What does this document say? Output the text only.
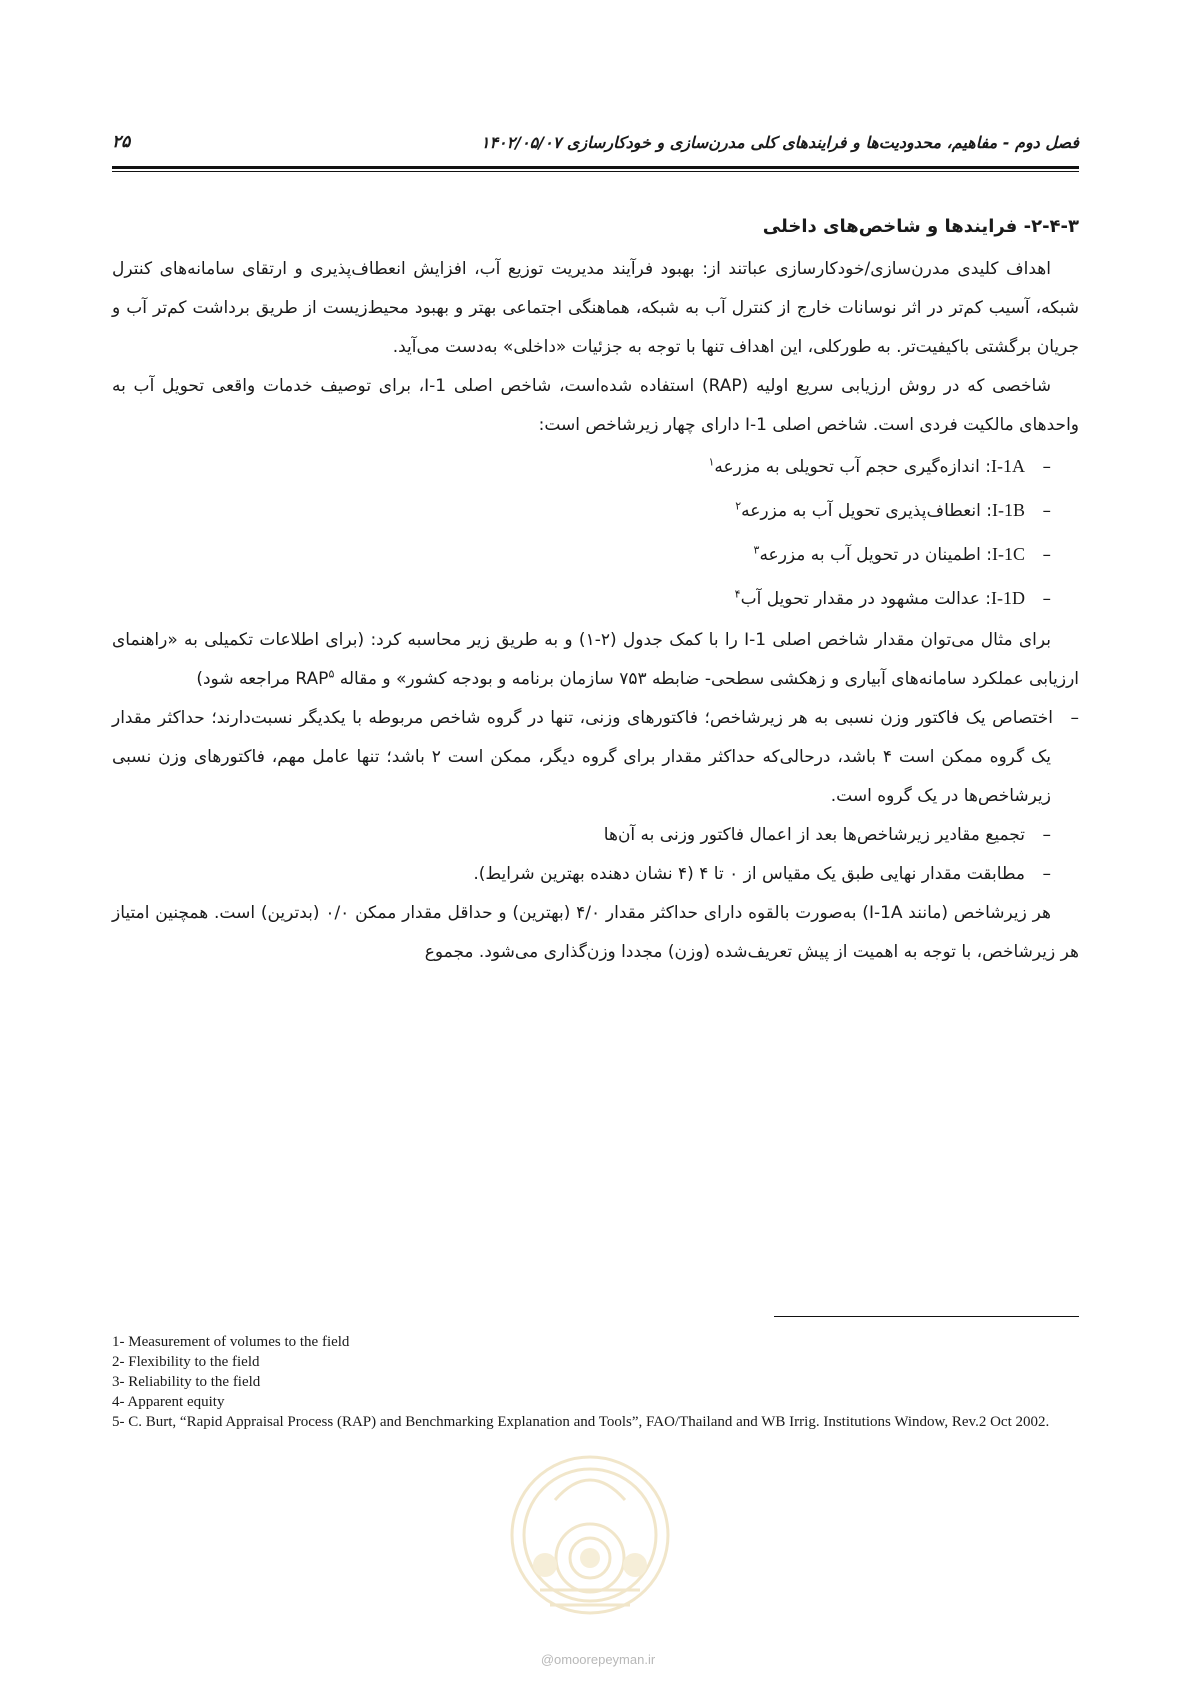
۲۵	فصل دوم - مفاهیم، محدودیت‌ها و فرایندهای کلی مدرن‌سازی و خودکارسازی ۱۴۰۲/۰۵/۰۷
۲-۴-۳- فرایندها و شاخص‌های داخلی

اهداف کلیدی مدرن‌سازی/خودکارسازی عباتند از: بهبود فرآیند مدیریت توزیع آب، افزایش انعطاف‌پذیری و ارتقای سامانه‌های کنترل شبکه، آسیب کم‌تر در اثر نوسانات خارج از کنترل آب به شبکه، هماهنگی اجتماعی بهتر و بهبود محیط‌زیست از طریق برداشت کم‌تر آب و جریان برگشتی باکیفیت‌تر. به طورکلی، این اهداف تنها با توجه به جزئیات «داخلی» به‌دست می‌آید.

شاخصی که در روش ارزیابی سریع اولیه (RAP) استفاده شده‌است، شاخص اصلی I-1، برای توصیف خدمات واقعی تحویل آب به واحدهای مالکیت فردی است. شاخص اصلی I-1 دارای چهار زیرشاخص است:

–I-1A: اندازه‌گیری حجم آب تحویلی به مزرعه$^۱$
–I-1B: انعطاف‌پذیری تحویل آب به مزرعه$^۲$
–I-1C: اطمینان در تحویل آب به مزرعه$^۳$
–I-1D: عدالت مشهود در مقدار تحویل آب$^۴$

برای مثال می‌توان مقدار شاخص اصلی I-1 را با کمک جدول (۲-۱) و به طریق زیر محاسبه کرد: (برای اطلاعات تکمیلی به «راهنمای ارزیابی عملکرد سامانه‌های آبیاری و زهکشی سطحی- ضابطه ۷۵۳ سازمان برنامه و بودجه کشور» و مقاله RAP$^۵$ مراجعه شود)

–اختصاص یک فاکتور وزن نسبی به هر زیرشاخص؛ فاکتورهای وزنی، تنها در گروه شاخص مربوطه با یکدیگر نسبت‌دارند؛ حداکثر مقدار یک گروه ممکن است ۴ باشد، درحالی‌که حداکثر مقدار برای گروه دیگر، ممکن است ۲ باشد؛ تنها عامل مهم، فاکتورهای وزن نسبی زیرشاخص‌ها در یک گروه است.
–تجمیع مقادیر زیرشاخص‌ها بعد از اعمال فاکتور وزنی به آن‌ها
–مطابقت مقدار نهایی طبق یک مقیاس از ۰ تا ۴ (۴ نشان دهنده بهترین شرایط).

هر زیرشاخص (مانند I-1A) به‌صورت بالقوه دارای حداکثر مقدار ۴/۰ (بهترین) و حداقل مقدار ممکن ۰/۰ (بدترین) است. همچنین امتیاز هر زیرشاخص، با توجه به اهمیت از پیش تعریف‌شده (وزن) مجددا وزن‌گذاری می‌شود. مجموع

1- Measurement of volumes to the field
2- Flexibility to the field
3- Reliability to the field
4- Apparent equity
5- C. Burt, “Rapid Appraisal Process (RAP) and Benchmarking Explanation and Tools”, FAO/Thailand and WB Irrig. Institutions Window, Rev.2 Oct 2002.
@omoorepeyman.ir
